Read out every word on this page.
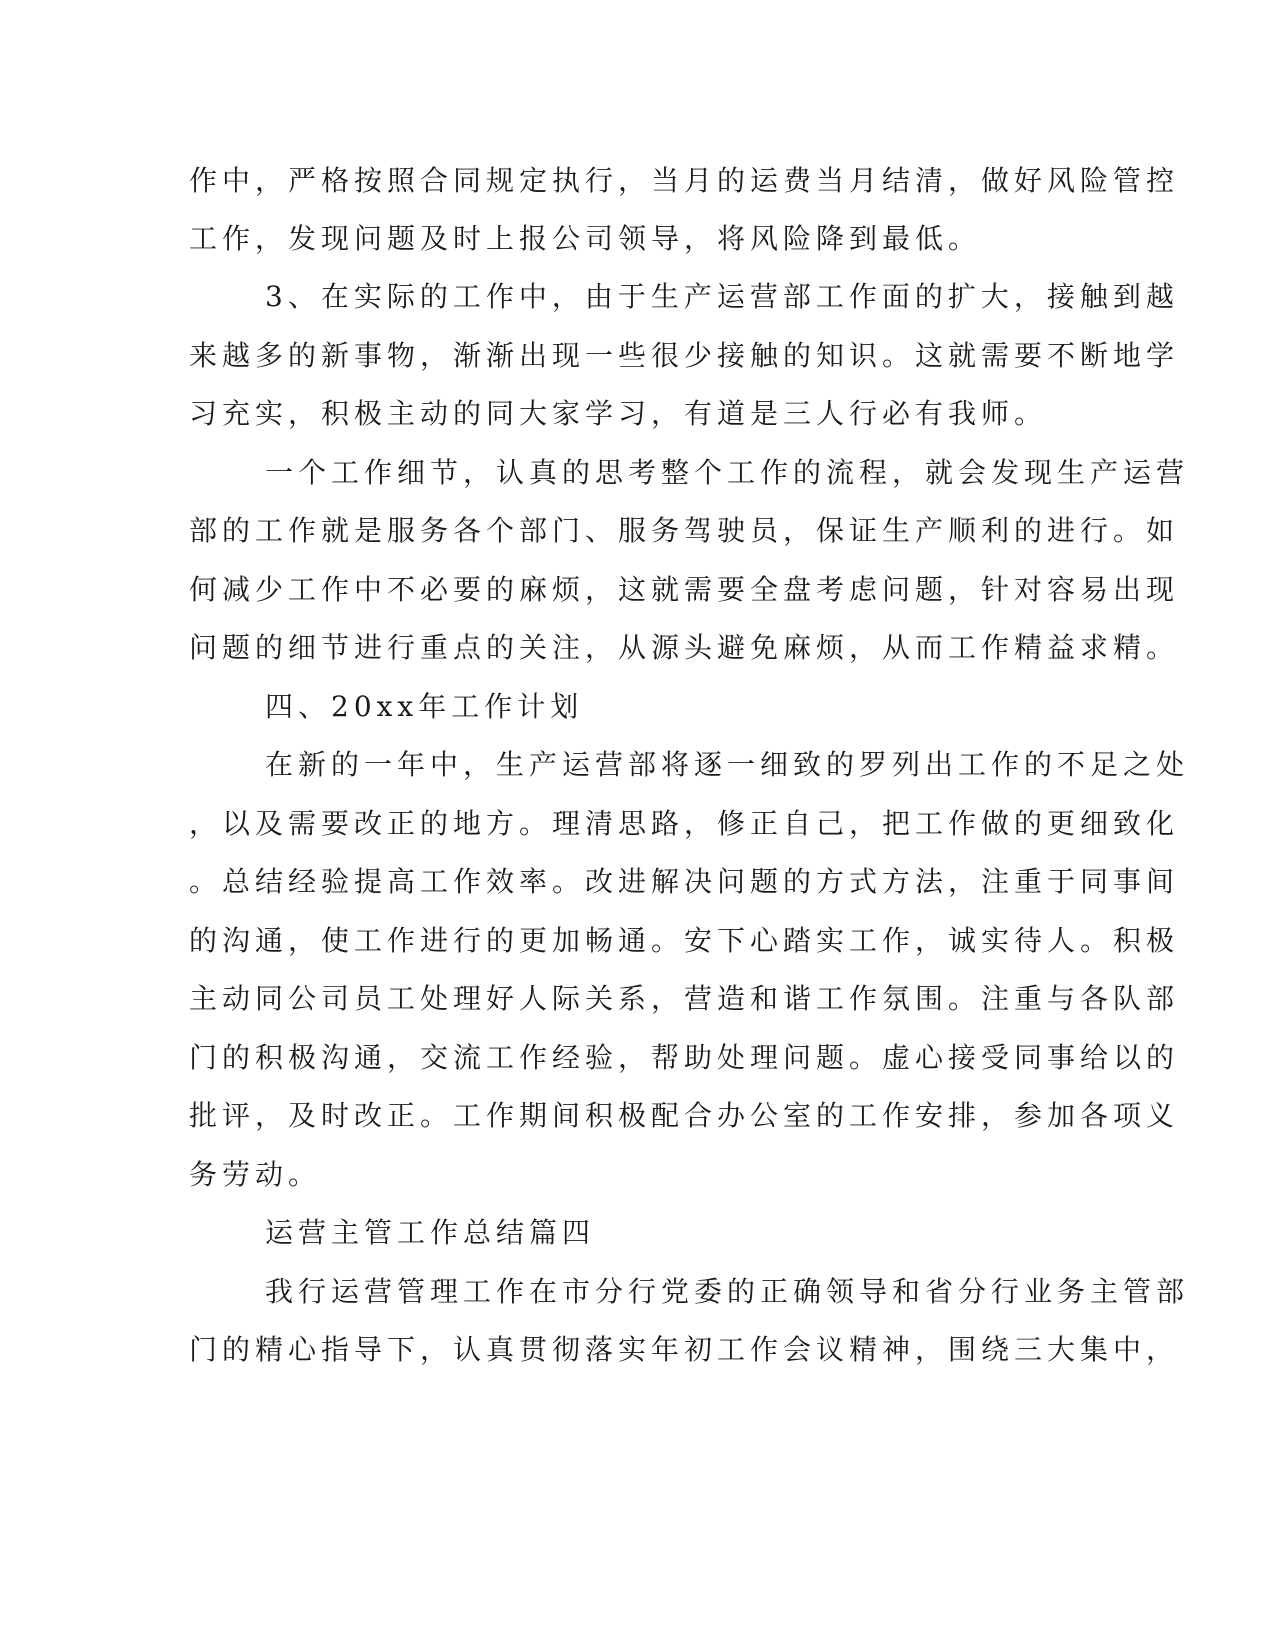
作中，严格按照合同规定执行，当月的运费当月结清，做好风险管控
工作，发现问题及时上报公司领导，将风险降到最低。
3、在实际的工作中，由于生产运营部工作面的扩大，接触到越
来越多的新事物，渐渐出现一些很少接触的知识。这就需要不断地学
习充实，积极主动的同大家学习，有道是三人行必有我师。
一个工作细节，认真的思考整个工作的流程，就会发现生产运营
部的工作就是服务各个部门、服务驾驶员，保证生产顺利的进行。如
何减少工作中不必要的麻烦，这就需要全盘考虑问题，针对容易出现
问题的细节进行重点的关注，从源头避免麻烦，从而工作精益求精。
四、20xx年工作计划
在新的一年中，生产运营部将逐一细致的罗列出工作的不足之处
，以及需要改正的地方。理清思路，修正自己，把工作做的更细致化
。总结经验提高工作效率。改进解决问题的方式方法，注重于同事间
的沟通，使工作进行的更加畅通。安下心踏实工作，诚实待人。积极
主动同公司员工处理好人际关系，营造和谐工作氛围。注重与各队部
门的积极沟通，交流工作经验，帮助处理问题。虚心接受同事给以的
批评，及时改正。工作期间积极配合办公室的工作安排，参加各项义
务劳动。
运营主管工作总结篇四
我行运营管理工作在市分行党委的正确领导和省分行业务主管部
门的精心指导下，认真贯彻落实年初工作会议精神，围绕三大集中，
